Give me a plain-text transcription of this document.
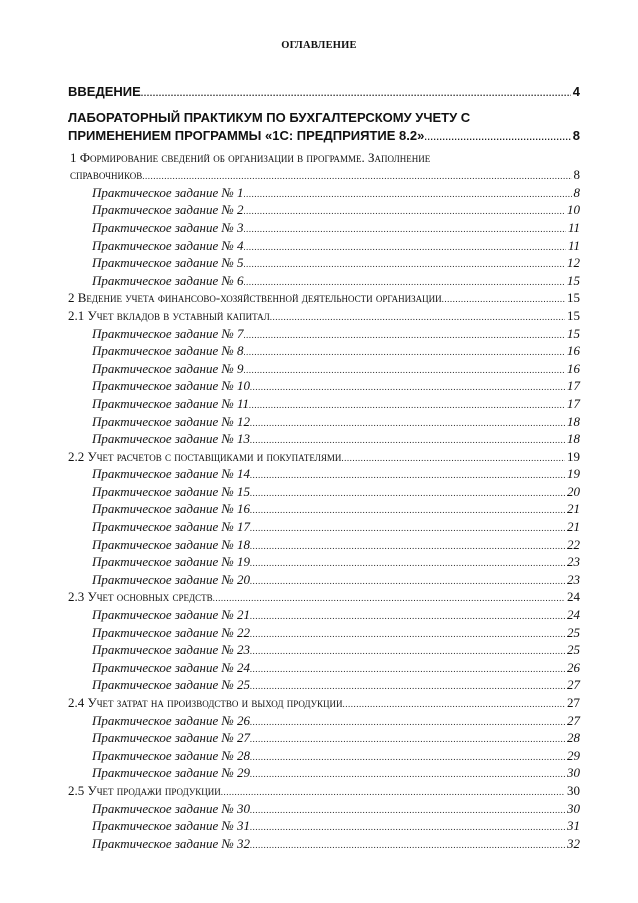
ОГЛАВЛЕНИЕ
ВВЕДЕНИЕ .....	4
ЛАБОРАТОРНЫЙ ПРАКТИКУМ ПО БУХГАЛТЕРСКОМУ УЧЕТУ С
ПРИМЕНЕНИЕМ ПРОГРАММЫ «1С: ПРЕДПРИЯТИЕ 8.2» .....	8
1 Формирование сведений об организации в программе. Заполнение
справочников .....	8
Практическое задание № 1 .....	8
Практическое задание № 2 .....	10
Практическое задание № 3 .....	11
Практическое задание № 4 .....	11
Практическое задание № 5 .....	12
Практическое задание № 6 .....	15
2 Ведение учета финансово-хозяйственной деятельности организации .....	15
2.1 Учет вкладов в уставный капитал .....	15
Практическое задание № 7 .....	15
Практическое задание № 8 .....	16
Практическое задание № 9 .....	16
Практическое задание № 10 .....	17
Практическое задание № 11 .....	17
Практическое задание № 12 .....	18
Практическое задание № 13 .....	18
2.2 Учет расчетов с поставщиками и покупателями .....	19
Практическое задание № 14 .....	19
Практическое задание № 15 .....	20
Практическое задание № 16 .....	21
Практическое задание № 17 .....	21
Практическое задание № 18 .....	22
Практическое задание № 19 .....	23
Практическое задание № 20 .....	23
2.3 Учет основных средств .....	24
Практическое задание № 21 .....	24
Практическое задание № 22 .....	25
Практическое задание № 23 .....	25
Практическое задание № 24 .....	26
Практическое задание № 25 .....	27
2.4 Учет затрат на производство и выход продукции .....	27
Практическое задание № 26 .....	27
Практическое задание № 27 .....	28
Практическое задание № 28 .....	29
Практическое задание № 29 .....	30
2.5 Учет продажи продукции .....	30
Практическое задание № 30 .....	30
Практическое задание № 31 .....	31
Практическое задание № 32 .....	32
